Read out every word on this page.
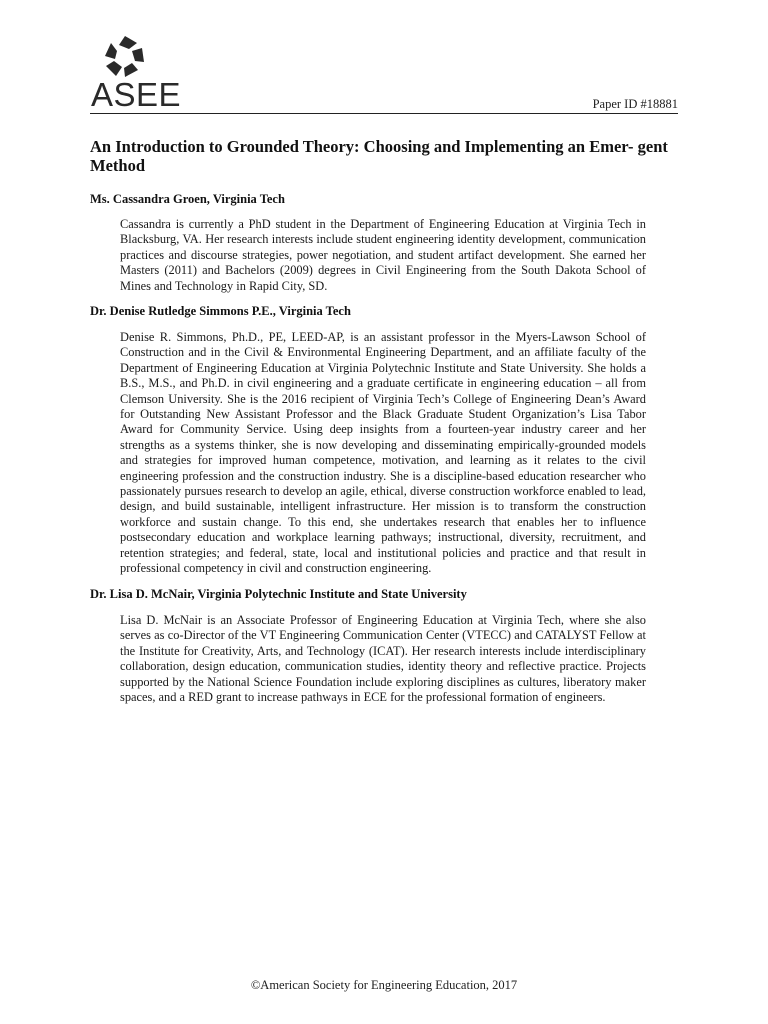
ASEE	Paper ID #18881
An Introduction to Grounded Theory: Choosing and Implementing an Emer- gent Method

Ms. Cassandra Groen, Virginia Tech

Cassandra is currently a PhD student in the Department of Engineering Education at Virginia Tech in Blacksburg, VA. Her research interests include student engineering identity development, communication practices and discourse strategies, power negotiation, and student artifact development. She earned her Masters (2011) and Bachelors (2009) degrees in Civil Engineering from the South Dakota School of Mines and Technology in Rapid City, SD.

Dr. Denise Rutledge Simmons P.E., Virginia Tech

Denise R. Simmons, Ph.D., PE, LEED-AP, is an assistant professor in the Myers-Lawson School of Construction and in the Civil & Environmental Engineering Department, and an affiliate faculty of the Department of Engineering Education at Virginia Polytechnic Institute and State University. She holds a B.S., M.S., and Ph.D. in civil engineering and a graduate certificate in engineering education – all from Clemson University. She is the 2016 recipient of Virginia Tech’s College of Engineering Dean’s Award for Outstanding New Assistant Professor and the Black Graduate Student Organization’s Lisa Tabor Award for Community Service. Using deep insights from a fourteen-year industry career and her strengths as a systems thinker, she is now developing and disseminating empirically-grounded models and strategies for improved human competence, motivation, and learning as it relates to the civil engineering profession and the construction industry. She is a discipline-based education researcher who passionately pursues research to develop an agile, ethical, diverse construction workforce enabled to lead, design, and build sustainable, intelligent infrastructure. Her mission is to transform the construction workforce and sustain change. To this end, she undertakes research that enables her to influence postsecondary education and workplace learning pathways; instructional, diversity, recruitment, and retention strategies; and federal, state, local and institutional policies and practice and that result in professional competency in civil and construction engineering.

Dr. Lisa D. McNair, Virginia Polytechnic Institute and State University

Lisa D. McNair is an Associate Professor of Engineering Education at Virginia Tech, where she also serves as co-Director of the VT Engineering Communication Center (VTECC) and CATALYST Fellow at the Institute for Creativity, Arts, and Technology (ICAT). Her research interests include interdisciplinary collaboration, design education, communication studies, identity theory and reflective practice. Projects supported by the National Science Foundation include exploring disciplines as cultures, liberatory maker spaces, and a RED grant to increase pathways in ECE for the professional formation of engineers.

©American Society for Engineering Education, 2017
